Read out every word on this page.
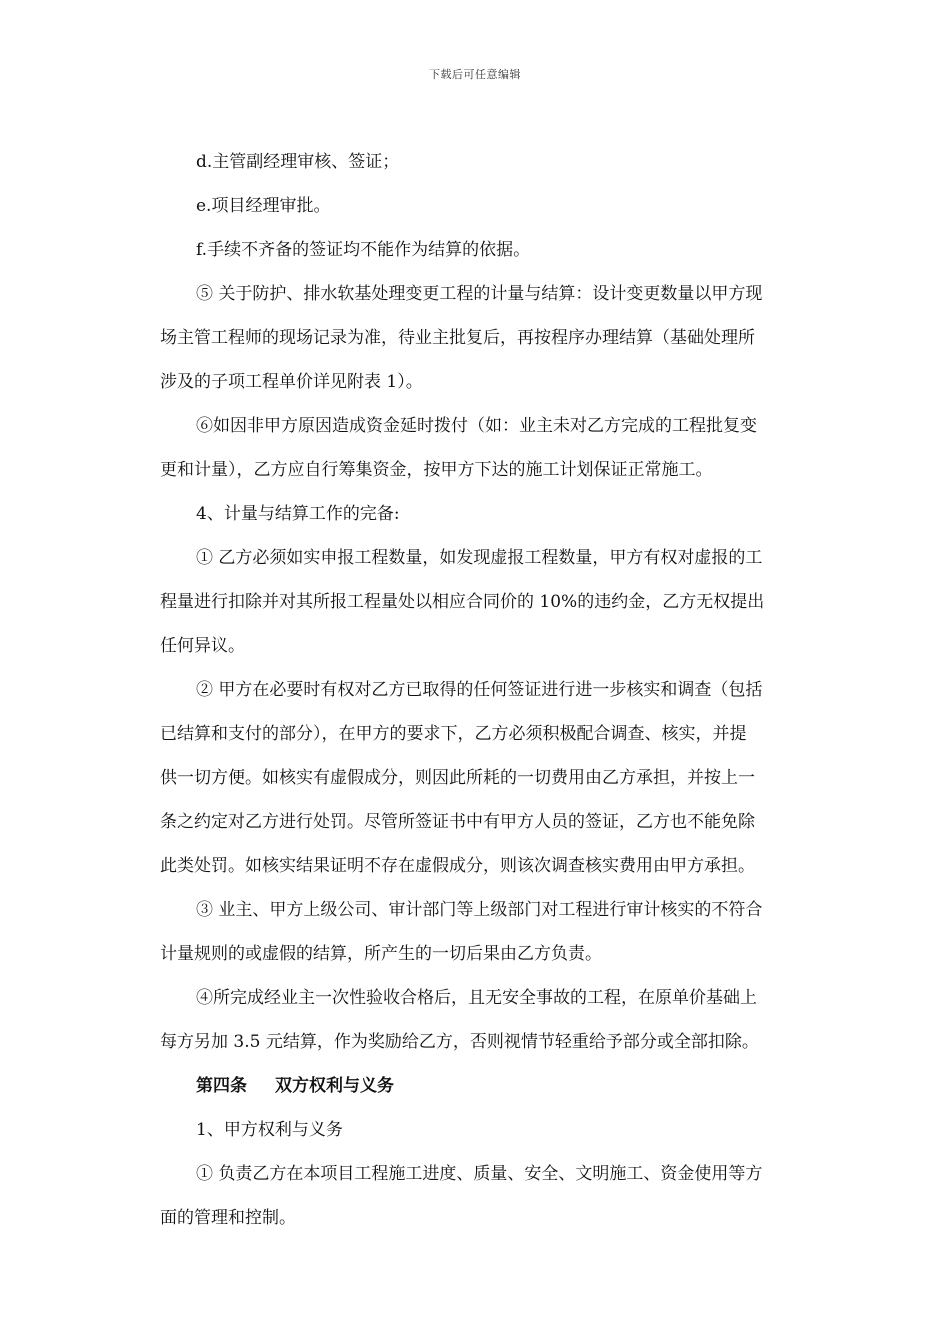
下载后可任意编辑
d.主管副经理审核、签证；
e.项目经理审批。
f.手续不齐备的签证均不能作为结算的依据。
⑤ 关于防护、排水软基处理变更工程的计量与结算：设计变更数量以甲方现
场主管工程师的现场记录为准，待业主批复后，再按程序办理结算（基础处理所
涉及的子项工程单价详见附表 1）。
⑥如因非甲方原因造成资金延时拨付（如：业主未对乙方完成的工程批复变
更和计量），乙方应自行筹集资金，按甲方下达的施工计划保证正常施工。
4、计量与结算工作的完备:
① 乙方必须如实申报工程数量，如发现虚报工程数量，甲方有权对虚报的工
程量进行扣除并对其所报工程量处以相应合同价的 10%的违约金，乙方无权提出
任何异议。
② 甲方在必要时有权对乙方已取得的任何签证进行进一步核实和调查（包括
已结算和支付的部分），在甲方的要求下，乙方必须积极配合调查、核实，并提
供一切方便。如核实有虚假成分，则因此所耗的一切费用由乙方承担，并按上一
条之约定对乙方进行处罚。尽管所签证书中有甲方人员的签证，乙方也不能免除
此类处罚。如核实结果证明不存在虚假成分，则该次调查核实费用由甲方承担。
③ 业主、甲方上级公司、审计部门等上级部门对工程进行审计核实的不符合
计量规则的或虚假的结算，所产生的一切后果由乙方负责。
④所完成经业主一次性验收合格后，且无安全事故的工程，在原单价基础上
每方另加 3.5 元结算，作为奖励给乙方，否则视情节轻重给予部分或全部扣除。
第四条 双方权利与义务
1、甲方权利与义务
① 负责乙方在本项目工程施工进度、质量、安全、文明施工、资金使用等方
面的管理和控制。
